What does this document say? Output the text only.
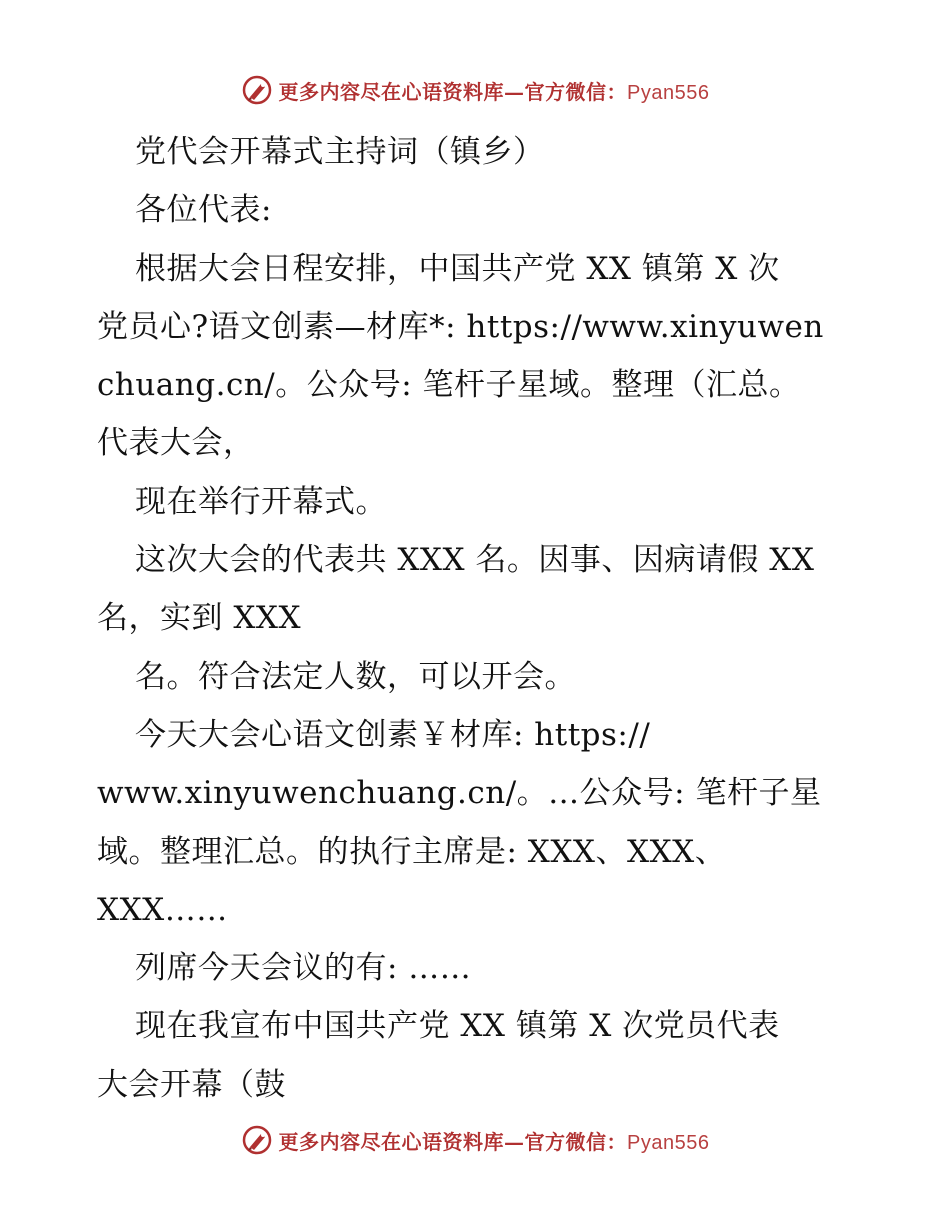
更多内容尽在心语资料库—官方微信：Pyan556
党代会开幕式主持词（镇乡）
各位代表:
根据大会日程安排，中国共产党 XX 镇第 X 次
党员心?语文创素—材库*: https://www.xinyuwen
chuang.cn/。公众号: 笔杆子星域。整理（汇总。
代表大会，
现在举行开幕式。
这次大会的代表共 XXX 名。因事、因病请假 XX
名，实到 XXX
名。符合法定人数，可以开会。
今天大会心语文创素￥材库: https://
www.xinyuwenchuang.cn/。…公众号: 笔杆子星
域。整理汇总。的执行主席是: XXX、XXX、
XXX……
列席今天会议的有: ……
现在我宣布中国共产党 XX 镇第 X 次党员代表
大会开幕（鼓
更多内容尽在心语资料库—官方微信：Pyan556
